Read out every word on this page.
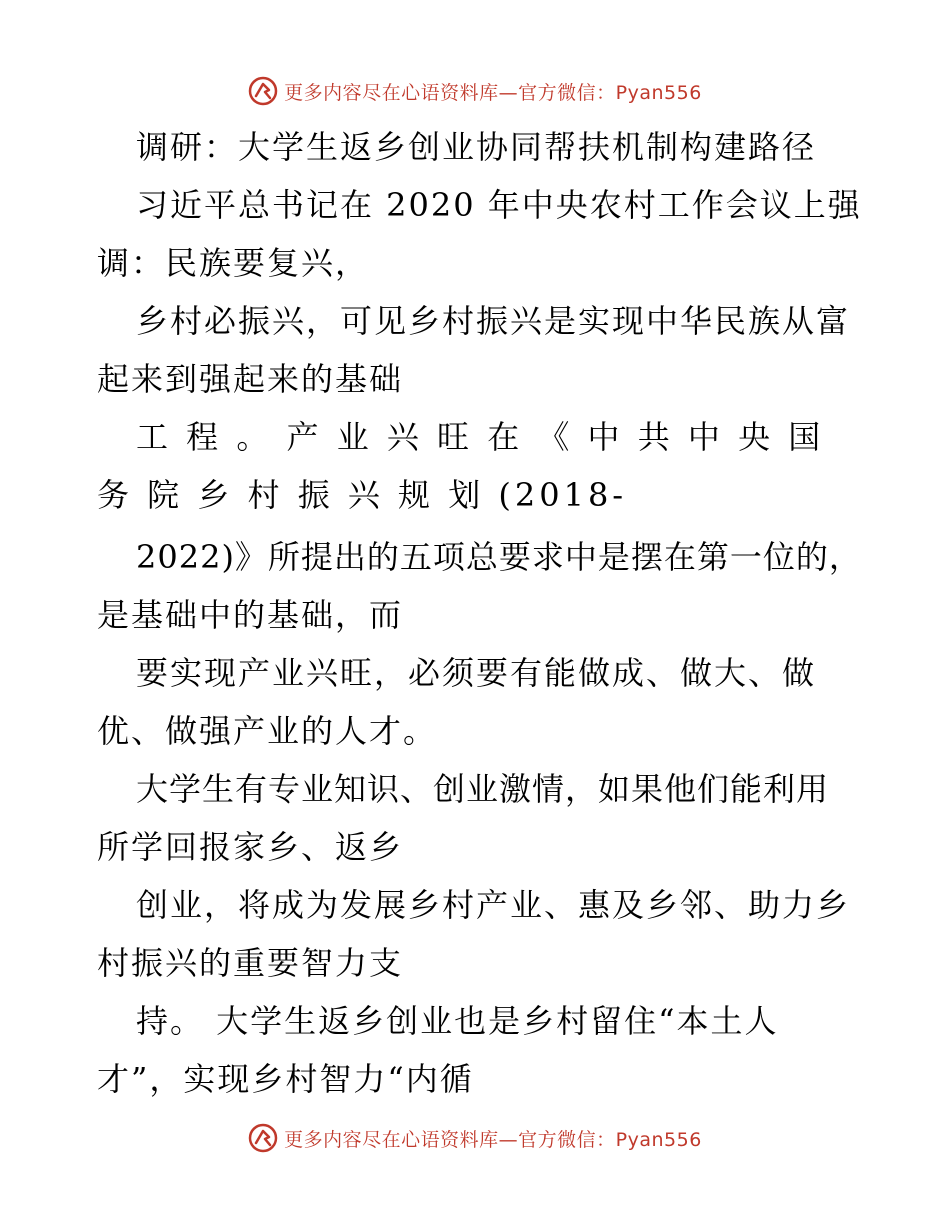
更多内容尽在心语资料库—官方微信：Pyan556
调研：大学生返乡创业协同帮扶机制构建路径
习近平总书记在 2020 年中央农村工作会议上强
调：民族要复兴，
乡村必振兴，可见乡村振兴是实现中华民族从富
起来到强起来的基础
工 程 。 产 业 兴 旺 在 《 中 共 中 央 国
务 院 乡 村 振 兴 规 划 (2018-
2022)》所提出的五项总要求中是摆在第一位的，
是基础中的基础，而
要实现产业兴旺，必须要有能做成、做大、做
优、做强产业的人才。
大学生有专业知识、创业激情，如果他们能利用
所学回报家乡、返乡
创业，将成为发展乡村产业、惠及乡邻、助力乡
村振兴的重要智力支
持。 大学生返乡创业也是乡村留住“本土人
才”，实现乡村智力“内循
更多内容尽在心语资料库—官方微信：Pyan556
